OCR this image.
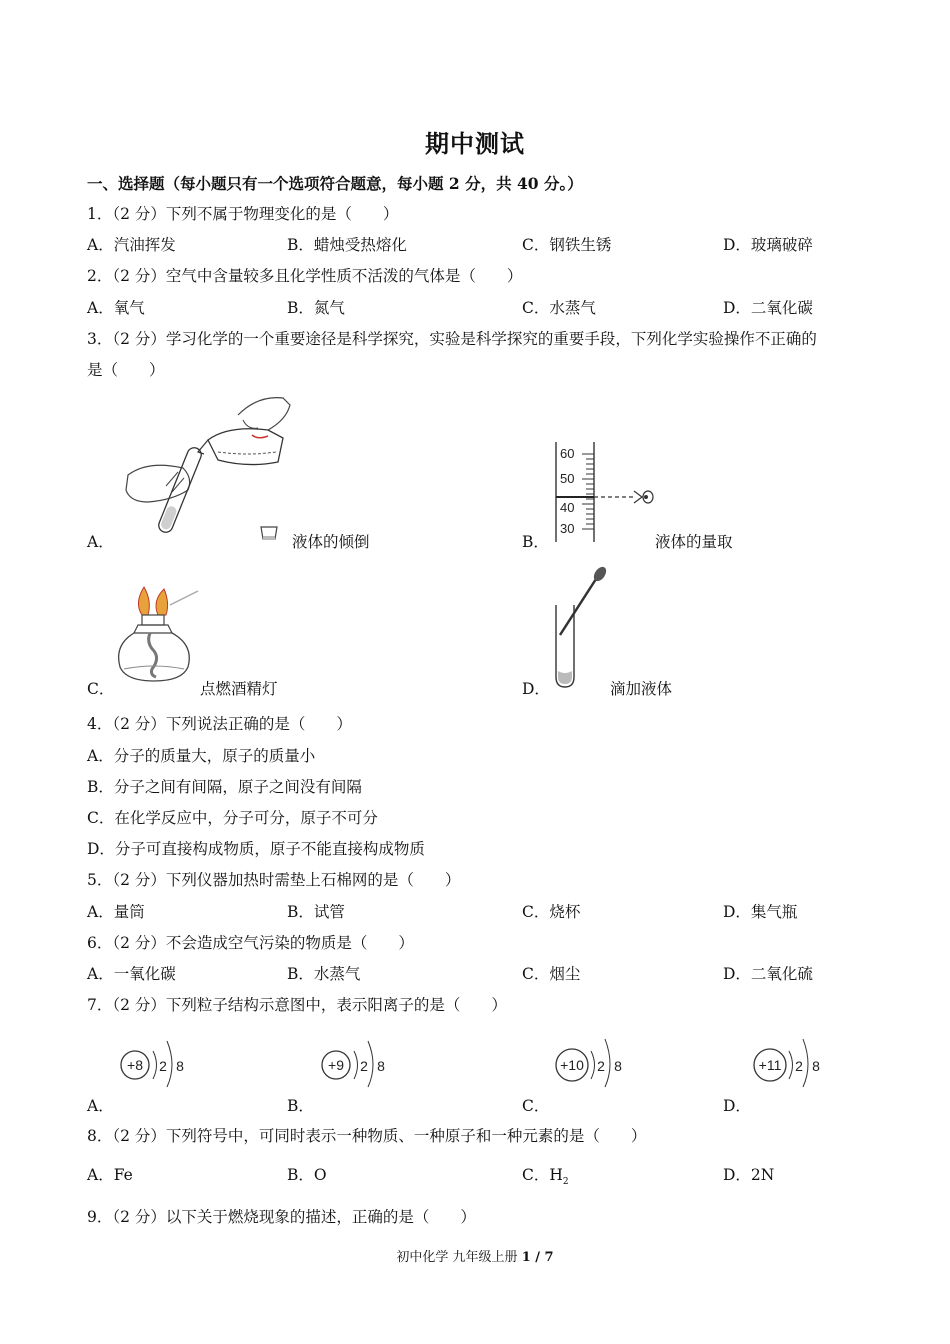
期中测试
一、选择题（每小题只有一个选项符合题意，每小题 2 分，共 40 分。）
1．（2 分）下列不属于物理变化的是（　　）
A．汽油挥发	B．蜡烛受热熔化	C．钢铁生锈	D．玻璃破碎
2．（2 分）空气中含量较多且化学性质不活泼的气体是（　　）
A．氧气	B．氮气	C．水蒸气	D．二氧化碳
3．（2 分）学习化学的一个重要途径是科学探究，实验是科学探究的重要手段，下列化学实验操作不正确的
是（　　）
A．	液体的倾倒
60
50
40
30
B．	液体的量取
C．	点燃酒精灯	D．	滴加液体
4．（2 分）下列说法正确的是（　　）
A．分子的质量大，原子的质量小
B．分子之间有间隔，原子之间没有间隔
C．在化学反应中，分子可分，原子不可分
D．分子可直接构成物质，原子不能直接构成物质
5．（2 分）下列仪器加热时需垫上石棉网的是（　　）
A．量筒	B．试管	C．烧杯	D．集气瓶
6．（2 分）不会造成空气污染的物质是（　　）
A．一氧化碳	B．水蒸气	C．烟尘	D．二氧化硫
7．（2 分）下列粒子结构示意图中，表示阳离子的是（　　）
+8 2 8	+9 2 8	+10 2 8	+11 2 8
A．	B．	C．	D．
8．（2 分）下列符号中，可同时表示一种物质、一种原子和一种元素的是（　　）
A．Fe	B．O	C．$H_2$	D．2N
9．（2 分）以下关于燃烧现象的描述，正确的是（　　）
初中化学 九年级上册 1 / 7
